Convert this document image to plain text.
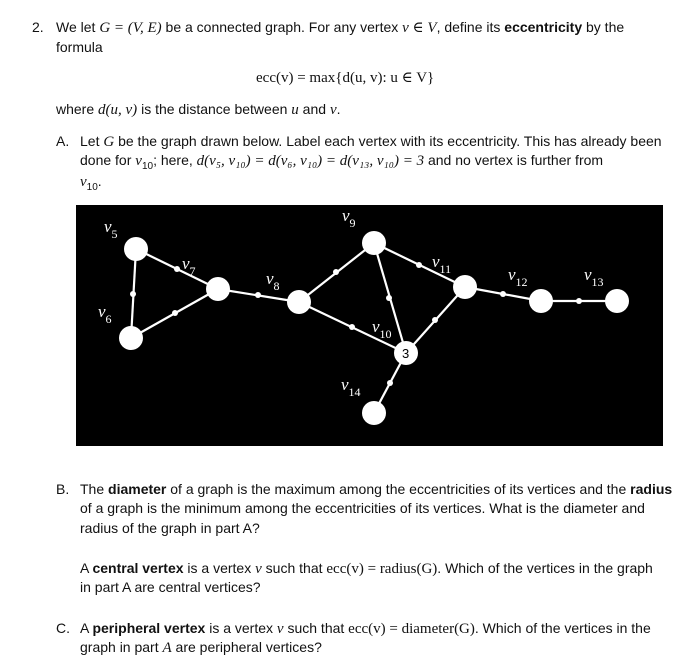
2. We let G = (V, E) be a connected graph. For any vertex v ∈ V, define its eccentricity by the
formula
ecc(v) = max{d(u, v): u ∈ V}
where d(u, v) is the distance between u and v.
A. Let G be the graph drawn below. Label each vertex with its eccentricity. This has already been
done for $v_{10}$; here, d(v₅, v₁₀) = d(v₆, v₁₀) = d(v₁₃, v₁₀) = 3 and no vertex is further from
$v_{10}$.
3
$v_5$
$v_6$
$v_7$	$v_8$
$v_9$
$v_{10}$
$v_{11}$	$v_{12}$	$v_{13}$
$v_{14}$
B. The diameter of a graph is the maximum among the eccentricities of its vertices and the radius
of a graph is the minimum among the eccentricities of its vertices. What is the diameter and
radius of the graph in part A?
A central vertex is a vertex v such that ecc(v) = radius(G). Which of the vertices in the graph
in part A are central vertices?
C. A peripheral vertex is a vertex v such that ecc(v) = diameter(G). Which of the vertices in the
graph in part A are peripheral vertices?
